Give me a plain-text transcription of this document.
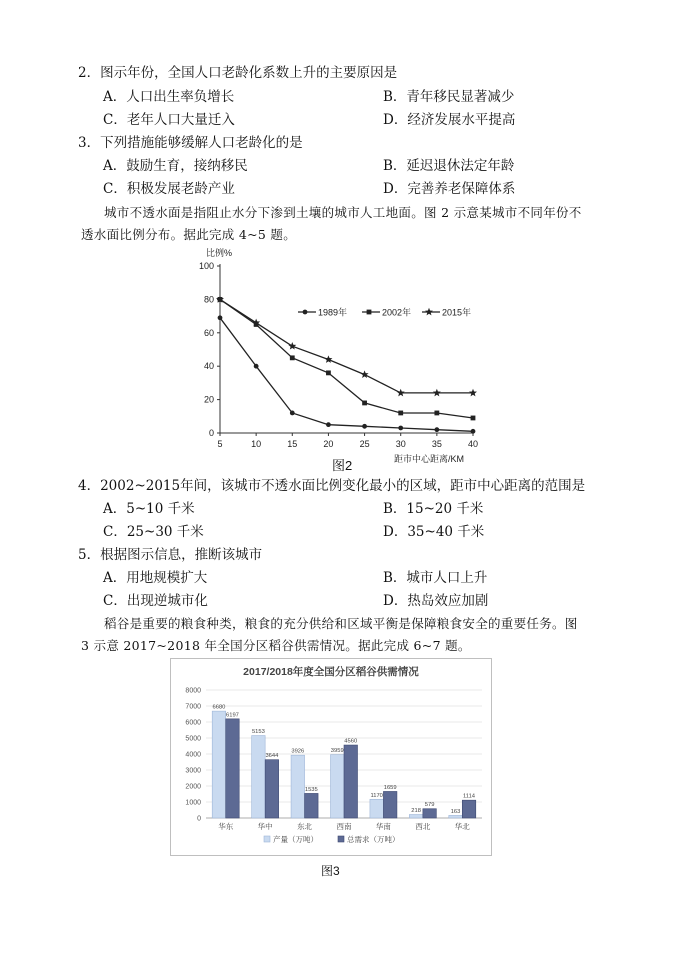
2．图示年份，全国人口老龄化系数上升的主要原因是
A．人口出生率负增长	B．青年移民显著减少
C．老年人口大量迁入	D．经济发展水平提高
3．下列措施能够缓解人口老龄化的是
A．鼓励生育，接纳移民	B．延迟退休法定年龄
C．积极发展老龄产业	D．完善养老保障体系
城市不透水面是指阻止水分下渗到土壤的城市人工地面。图 2 示意某城市不同年份不
透水面比例分布。据此完成 4~5 题。
比例%
0
20
40
60
80
100
5	10	15	20	25	30	35	40
距市中心距离/KM
1989年	2002年	2015年
图2
4．2002~2015年间，该城市不透水面比例变化最小的区域，距市中心距离的范围是
A．5~10 千米	B．15~20 千米
C．25~30 千米	D．35~40 千米
5．根据图示信息，推断该城市
A．用地规模扩大	B．城市人口上升
C．出现逆城市化	D．热岛效应加剧
稻谷是重要的粮食种类，粮食的充分供给和区域平衡是保障粮食安全的重要任务。图
3 示意 2017~2018 年全国分区稻谷供需情况。据此完成 6~7 题。
2017/2018年度全国分区稻谷供需情况
0
1000
2000
3000
4000
5000
6000
7000
8000
华东	华中	东北	西南	华南	西北	华北
6680
6197
5153
3644
3926
1535
3959
4560
1170
1659
218
579
163
1114
产量（万吨）	总需求（万吨）
图3
